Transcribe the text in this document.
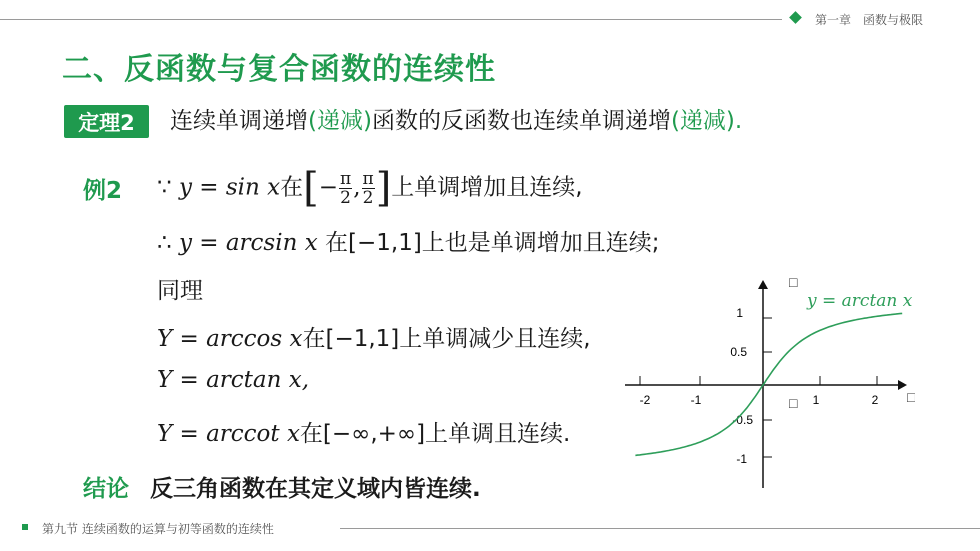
第一章　函数与极限
二、反函数与复合函数的连续性
定理2	连续单调递增(递减)函数的反函数也连续单调递增(递减).
例2 ∵ y = sin x在[− $\frac{\pi}{2}$ , $\frac{\pi}{2}$ ]上单调增加且连续,
∴ y = arcsin x 在[−1,1]上也是单调增加且连续;
同理
Y = arccos x在[−1,1]上单调减少且连续,
Y = arctan x,
Y = arccot x在[−∞,+∞]上单调且连续.
1
0.5
-0.5
-1
-2	-1	1	2
□
□	□
y = arctan x
结论 反三角函数在其定义域内皆连续.
第九节 连续函数的运算与初等函数的连续性
